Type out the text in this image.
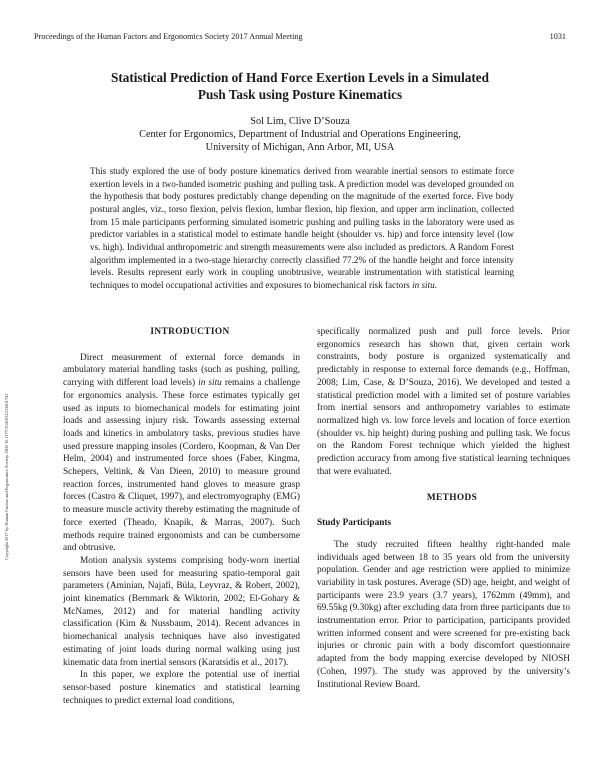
Proceedings of the Human Factors and Ergonomics Society 2017 Annual Meeting	1031
Statistical Prediction of Hand Force Exertion Levels in a Simulated
Push Task using Posture Kinematics
Sol Lim, Clive D’Souza
Center for Ergonomics, Department of Industrial and Operations Engineering,
University of Michigan, Ann Arbor, MI, USA
This study explored the use of body posture kinematics derived from wearable inertial sensors to estimate force exertion levels in a two-handed isometric pushing and pulling task. A prediction model was developed grounded on the hypothesis that body postures predictably change depending on the magnitude of the exerted force. Five body postural angles, viz., torso flexion, pelvis flexion, lumbar flexion, hip flexion, and upper arm inclination, collected from 15 male participants performing simulated isometric pushing and pulling tasks in the laboratory were used as predictor variables in a statistical model to estimate handle height (shoulder vs. hip) and force intensity level (low vs. high). Individual anthropometric and strength measurements were also included as predictors. A Random Forest algorithm implemented in a two-stage hierarchy correctly classified 77.2% of the handle height and force intensity levels. Results represent early work in coupling unobtrusive, wearable instrumentation with statistical learning techniques to model occupational activities and exposures to biomechanical risk factors in situ.

INTRODUCTION

Direct measurement of external force demands in ambulatory material handling tasks (such as pushing, pulling, carrying with different load levels) in situ remains a challenge for ergonomics analysis. These force estimates typically get used as inputs to biomechanical models for estimating joint loads and assessing injury risk. Towards assessing external loads and kinetics in ambulatory tasks, previous studies have used pressure mapping insoles (Cordero, Koopman, & Van Der Helm, 2004) and instrumented force shoes (Faber, Kingma, Schepers, Veltink, & Van Dieen, 2010) to measure ground reaction forces, instrumented hand gloves to measure grasp forces (Castro & Cliquet, 1997), and electromyography (EMG) to measure muscle activity thereby estimating the magnitude of force exerted (Theado, Knapik, & Marras, 2007). Such methods require trained ergonomists and can be cumbersome and obtrusive.

Motion analysis systems comprising body-worn inertial sensors have been used for measuring spatio-temporal gait parameters (Aminian, Najafi, Büla, Leyvraz, & Robert, 2002), joint kinematics (Bernmark & Wiktorin, 2002; El-Gohary & McNames, 2012) and for material handling activity classification (Kim & Nussbaum, 2014). Recent advances in biomechanical analysis techniques have also investigated estimating of joint loads during normal walking using just kinematic data from inertial sensors (Karatsidis et al., 2017).

In this paper, we explore the potential use of inertial sensor-based posture kinematics and statistical learning techniques to predict external load conditions,

specifically normalized push and pull force levels. Prior ergonomics research has shown that, given certain work constraints, body posture is organized systematically and predictably in response to external force demands (e.g., Hoffman, 2008; Lim, Case, & D’Souza, 2016). We developed and tested a statistical prediction model with a limited set of posture variables from inertial sensors and anthropometry variables to estimate normalized high vs. low force levels and location of force exertion (shoulder vs. hip height) during pushing and pulling task. We focus on the Random Forest technique which yielded the highest prediction accuracy from among five statistical learning techniques that were evaluated.

METHODS

Study Participants

The study recruited fifteen healthy right-handed male individuals aged between 18 to 35 years old from the university population. Gender and age restriction were applied to minimize variability in task postures. Average (SD) age, height, and weight of participants were 23.9 years (3.7 years), 1762mm (49mm), and 69.55kg (9.30kg) after excluding data from three participants due to instrumentation error. Prior to participation, participants provided written informed consent and were screened for pre-existing back injuries or chronic pain with a body discomfort questionnaire adapted from the body mapping exercise developed by NIOSH (Cohen, 1997). The study was approved by the university’s Institutional Review Board.

Copyright 2017 by Human Factors and Ergonomics Society. DOI 10.1177/1541931213601741
